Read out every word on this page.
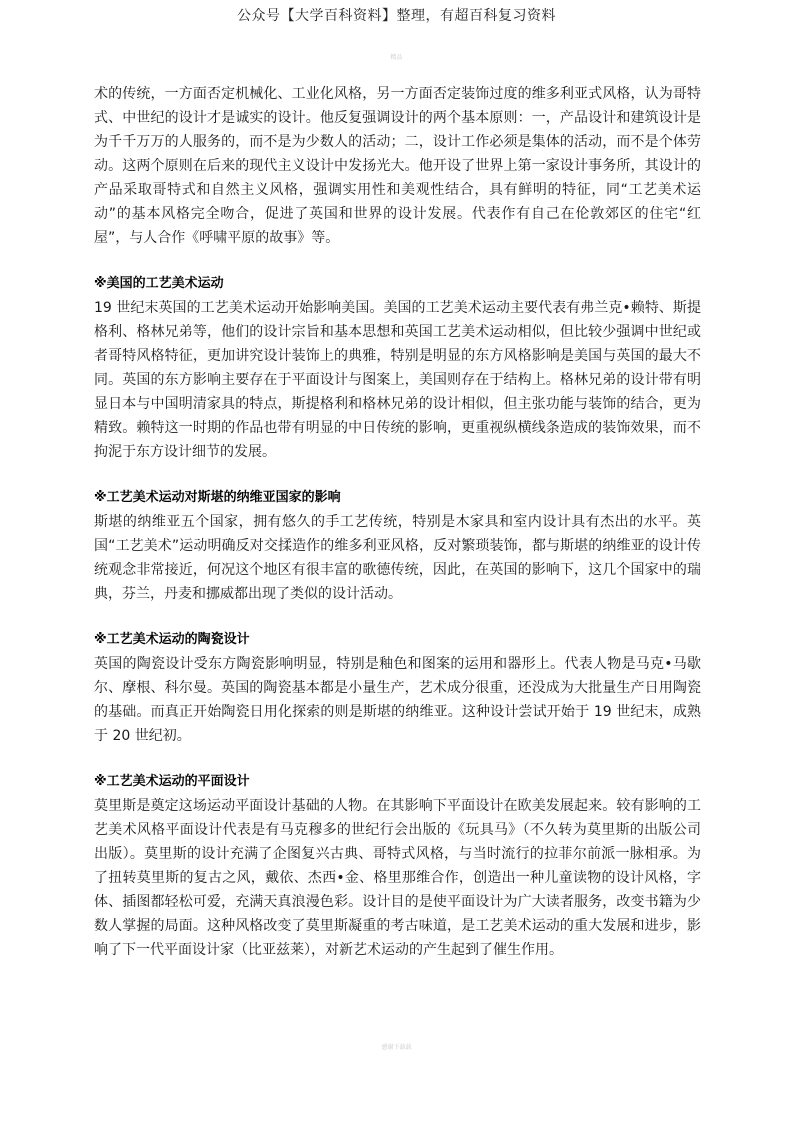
公众号【大学百科资料】整理，有超百科复习资料
精品

术的传统，一方面否定机械化、工业化风格，另一方面否定装饰过度的维多利亚式风格，认为哥特式、中世纪的设计才是诚实的设计。他反复强调设计的两个基本原则：一，产品设计和建筑设计是为千千万万的人服务的，而不是为少数人的活动；二，设计工作必须是集体的活动，而不是个体劳动。这两个原则在后来的现代主义设计中发扬光大。他开设了世界上第一家设计事务所，其设计的产品采取哥特式和自然主义风格，强调实用性和美观性结合，具有鲜明的特征，同“工艺美术运动”的基本风格完全吻合，促进了英国和世界的设计发展。代表作有自己在伦敦郊区的住宅“红屋”，与人合作《呼啸平原的故事》等。

※美国的工艺美术运动

19 世纪末英国的工艺美术运动开始影响美国。美国的工艺美术运动主要代表有弗兰克•赖特、斯提格利、格林兄弟等，他们的设计宗旨和基本思想和英国工艺美术运动相似，但比较少强调中世纪或者哥特风格特征，更加讲究设计装饰上的典雅，特别是明显的东方风格影响是美国与英国的最大不同。英国的东方影响主要存在于平面设计与图案上，美国则存在于结构上。格林兄弟的设计带有明显日本与中国明清家具的特点，斯提格利和格林兄弟的设计相似，但主张功能与装饰的结合，更为精致。赖特这一时期的作品也带有明显的中日传统的影响，更重视纵横线条造成的装饰效果，而不拘泥于东方设计细节的发展。

※工艺美术运动对斯堪的纳维亚国家的影响

斯堪的纳维亚五个国家，拥有悠久的手工艺传统，特别是木家具和室内设计具有杰出的水平。英国“工艺美术”运动明确反对交揉造作的维多利亚风格，反对繁琐装饰，都与斯堪的纳维亚的设计传统观念非常接近，何况这个地区有很丰富的歌德传统，因此，在英国的影响下，这几个国家中的瑞典，芬兰，丹麦和挪威都出现了类似的设计活动。

※工艺美术运动的陶瓷设计

英国的陶瓷设计受东方陶瓷影响明显，特别是釉色和图案的运用和器形上。代表人物是马克•马歇尔、摩根、科尔曼。英国的陶瓷基本都是小量生产，艺术成分很重，还没成为大批量生产日用陶瓷的基础。而真正开始陶瓷日用化探索的则是斯堪的纳维亚。这种设计尝试开始于 19 世纪末，成熟于 20 世纪初。

※工艺美术运动的平面设计

莫里斯是奠定这场运动平面设计基础的人物。在其影响下平面设计在欧美发展起来。较有影响的工艺美术风格平面设计代表是有马克穆多的世纪行会出版的《玩具马》（不久转为莫里斯的出版公司出版）。莫里斯的设计充满了企图复兴古典、哥特式风格，与当时流行的拉菲尔前派一脉相承。为了扭转莫里斯的复古之风，戴依、杰西•金、格里那维合作，创造出一种儿童读物的设计风格，字体、插图都轻松可爱，充满天真浪漫色彩。设计目的是使平面设计为广大读者服务，改变书籍为少数人掌握的局面。这种风格改变了莫里斯凝重的考古味道，是工艺美术运动的重大发展和进步，影响了下一代平面设计家（比亚兹莱），对新艺术运动的产生起到了催生作用。

感谢下载载
